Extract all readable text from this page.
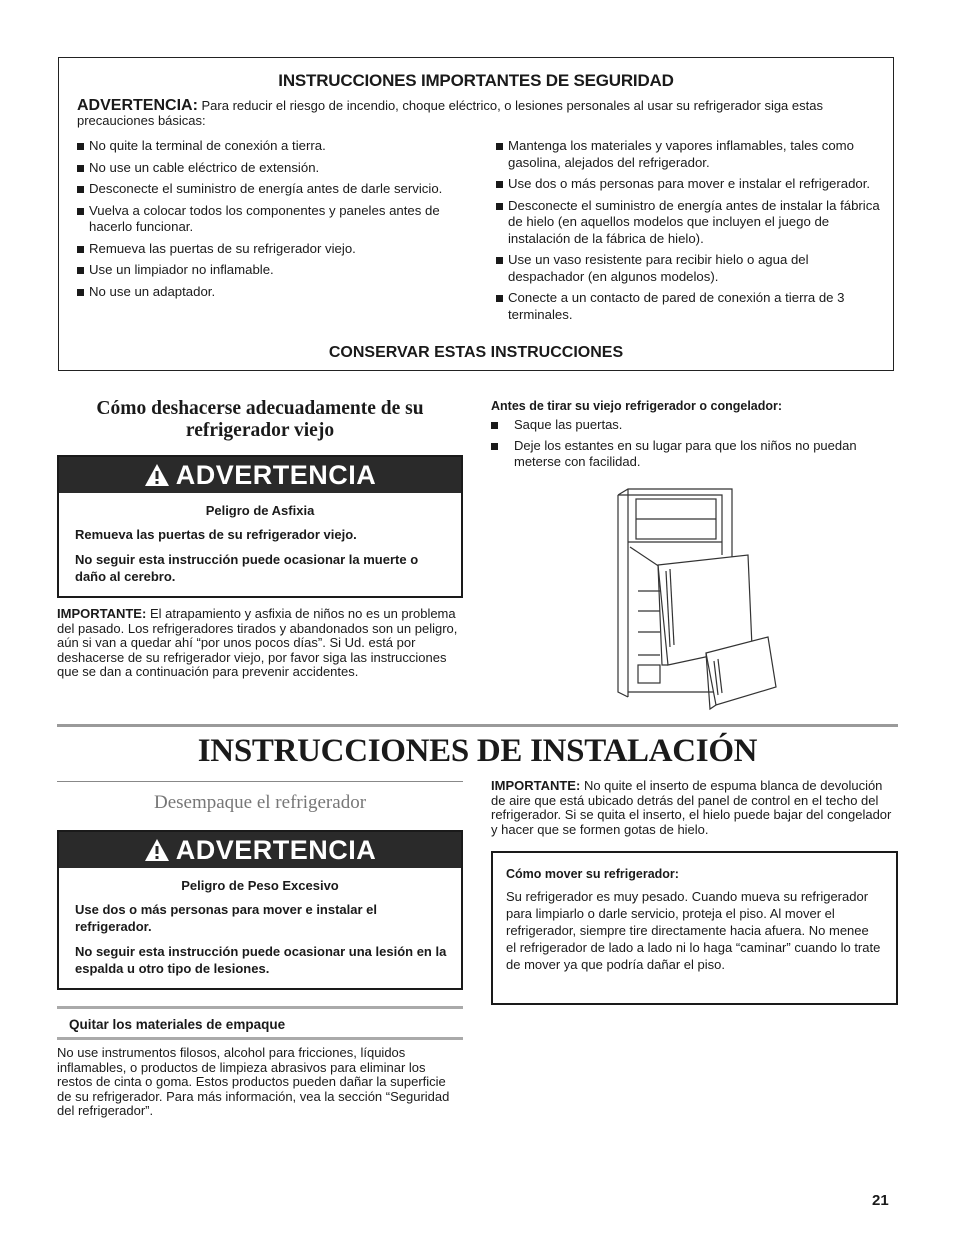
INSTRUCCIONES IMPORTANTES DE SEGURIDAD
ADVERTENCIA: Para reducir el riesgo de incendio, choque eléctrico, o lesiones personales al usar su refrigerador siga estas precauciones básicas:
No quite la terminal de conexión a tierra.
No use un cable eléctrico de extensión.
Desconecte el suministro de energía antes de darle servicio.
Vuelva a colocar todos los componentes y paneles antes de hacerlo funcionar.
Remueva las puertas de su refrigerador viejo.
Use un limpiador no inflamable.
No use un adaptador.
Mantenga los materiales y vapores inflamables, tales como gasolina, alejados del refrigerador.
Use dos o más personas para mover e instalar el refrigerador.
Desconecte el suministro de energía antes de instalar la fábrica de hielo (en aquellos modelos que incluyen el juego de instalación de la fábrica de hielo).
Use un vaso resistente para recibir hielo o agua del despachador (en algunos modelos).
Conecte a un contacto de pared de conexión a tierra de 3 terminales.
CONSERVAR ESTAS INSTRUCCIONES
Cómo deshacerse adecuadamente de su refrigerador viejo
ADVERTENCIA
Peligro de Asfixia
Remueva las puertas de su refrigerador viejo.
No seguir esta instrucción puede ocasionar la muerte o daño al cerebro.
IMPORTANTE: El atrapamiento y asfixia de niños no es un problema del pasado. Los refrigeradores tirados y abandonados son un peligro, aún si van a quedar ahí “por unos pocos días”. Si Ud. está por deshacerse de su refrigerador viejo, por favor siga las instrucciones que se dan a continuación para prevenir accidentes.
Antes de tirar su viejo refrigerador o congelador:
Saque las puertas.
Deje los estantes en su lugar para que los niños no puedan meterse con facilidad.
INSTRUCCIONES DE INSTALACIÓN
Desempaque el refrigerador
ADVERTENCIA
Peligro de Peso Excesivo
Use dos o más personas para mover e instalar el refrigerador.
No seguir esta instrucción puede ocasionar una lesión en la espalda u otro tipo de lesiones.
Quitar los materiales de empaque
No use instrumentos filosos, alcohol para fricciones, líquidos inflamables, o productos de limpieza abrasivos para eliminar los restos de cinta o goma. Estos productos pueden dañar la superficie de su refrigerador. Para más información, vea la sección “Seguridad del refrigerador”.
IMPORTANTE: No quite el inserto de espuma blanca de devolución de aire que está ubicado detrás del panel de control en el techo del refrigerador. Si se quita el inserto, el hielo puede bajar del congelador y hacer que se formen gotas de hielo.
Cómo mover su refrigerador:
Su refrigerador es muy pesado. Cuando mueva su refrigerador para limpiarlo o darle servicio, proteja el piso. Al mover el refrigerador, siempre tire directamente hacia afuera. No menee el refrigerador de lado a lado ni lo haga “caminar” cuando lo trate de mover ya que podría dañar el piso.
21
